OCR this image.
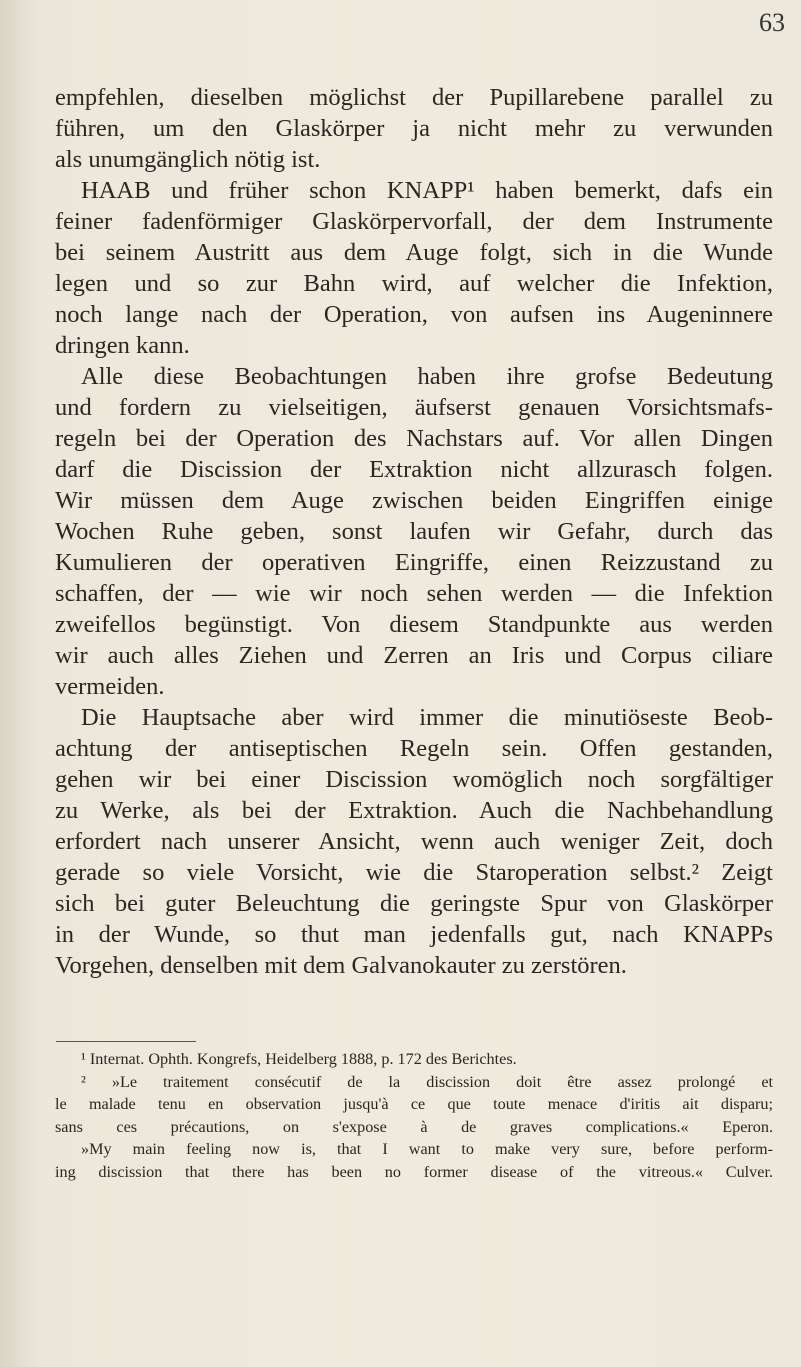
63
empfehlen, dieselben möglichst der Pupillarebene parallel zu
führen, um den Glaskörper ja nicht mehr zu verwunden
als unumgänglich nötig ist.
HAAB und früher schon KNAPP¹ haben bemerkt, dafs ein
feiner fadenförmiger Glaskörpervorfall, der dem Instrumente
bei seinem Austritt aus dem Auge folgt, sich in die Wunde
legen und so zur Bahn wird, auf welcher die Infektion,
noch lange nach der Operation, von aufsen ins Augeninnere
dringen kann.
Alle diese Beobachtungen haben ihre grofse Bedeutung
und fordern zu vielseitigen, äufserst genauen Vorsichtsmafs-
regeln bei der Operation des Nachstars auf. Vor allen Dingen
darf die Discission der Extraktion nicht allzurasch folgen.
Wir müssen dem Auge zwischen beiden Eingriffen einige
Wochen Ruhe geben, sonst laufen wir Gefahr, durch das
Kumulieren der operativen Eingriffe, einen Reizzustand zu
schaffen, der — wie wir noch sehen werden — die Infektion
zweifellos begünstigt. Von diesem Standpunkte aus werden
wir auch alles Ziehen und Zerren an Iris und Corpus ciliare
vermeiden.
Die Hauptsache aber wird immer die minutiöseste Beob-
achtung der antiseptischen Regeln sein. Offen gestanden,
gehen wir bei einer Discission womöglich noch sorgfältiger
zu Werke, als bei der Extraktion. Auch die Nachbehandlung
erfordert nach unserer Ansicht, wenn auch weniger Zeit, doch
gerade so viele Vorsicht, wie die Staroperation selbst.² Zeigt
sich bei guter Beleuchtung die geringste Spur von Glaskörper
in der Wunde, so thut man jedenfalls gut, nach KNAPPs
Vorgehen, denselben mit dem Galvanokauter zu zerstören.
¹ Internat. Ophth. Kongrefs, Heidelberg 1888, p. 172 des Berichtes.
² »Le traitement consécutif de la discission doit être assez prolongé et
le malade tenu en observation jusqu'à ce que toute menace d'iritis ait disparu;
sans ces précautions, on s'expose à de graves complications.« Eperon.
»My main feeling now is, that I want to make very sure, before perform-
ing discission that there has been no former disease of the vitreous.« Culver.
